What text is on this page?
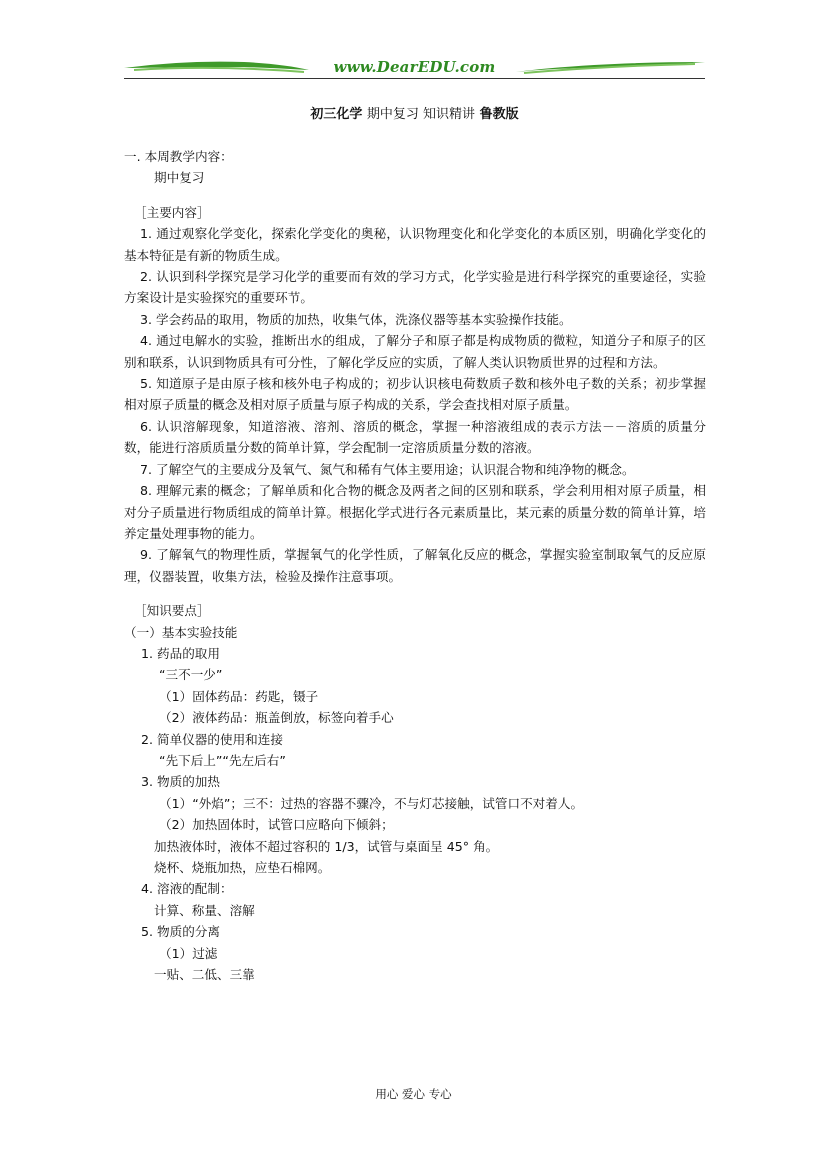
www.DearEDU.com
初三化学 期中复习 知识精讲 鲁教版

一. 本周教学内容：

期中复习

［主要内容］

1. 通过观察化学变化，探索化学变化的奥秘，认识物理变化和化学变化的本质区别，明确化学变化的基本特征是有新的物质生成。

2. 认识到科学探究是学习化学的重要而有效的学习方式，化学实验是进行科学探究的重要途径，实验方案设计是实验探究的重要环节。

3. 学会药品的取用，物质的加热，收集气体，洗涤仪器等基本实验操作技能。

4. 通过电解水的实验，推断出水的组成，了解分子和原子都是构成物质的微粒，知道分子和原子的区别和联系，认识到物质具有可分性，了解化学反应的实质，了解人类认识物质世界的过程和方法。

5. 知道原子是由原子核和核外电子构成的；初步认识核电荷数质子数和核外电子数的关系；初步掌握相对原子质量的概念及相对原子质量与原子构成的关系，学会查找相对原子质量。

6. 认识溶解现象，知道溶液、溶剂、溶质的概念，掌握一种溶液组成的表示方法－－溶质的质量分数，能进行溶质质量分数的简单计算，学会配制一定溶质质量分数的溶液。

7. 了解空气的主要成分及氧气、氮气和稀有气体主要用途；认识混合物和纯净物的概念。

8. 理解元素的概念；了解单质和化合物的概念及两者之间的区别和联系，学会利用相对原子质量，相对分子质量进行物质组成的简单计算。根据化学式进行各元素质量比，某元素的质量分数的简单计算，培养定量处理事物的能力。

9. 了解氧气的物理性质，掌握氧气的化学性质，了解氧化反应的概念，掌握实验室制取氧气的反应原理，仪器装置，收集方法，检验及操作注意事项。

［知识要点］

（一）基本实验技能

1. 药品的取用

“三不一少”

（1）固体药品：药匙，镊子

（2）液体药品：瓶盖倒放，标签向着手心

2. 简单仪器的使用和连接

“先下后上”“先左后右”

3. 物质的加热

（1）“外焰”；三不：过热的容器不骤冷，不与灯芯接触，试管口不对着人。

（2）加热固体时，试管口应略向下倾斜；

加热液体时，液体不超过容积的 1/3，试管与桌面呈 45° 角。

烧杯、烧瓶加热，应垫石棉网。

4. 溶液的配制：

计算、称量、溶解

5. 物质的分离

（1）过滤

一贴、二低、三靠

用心 爱心 专心
